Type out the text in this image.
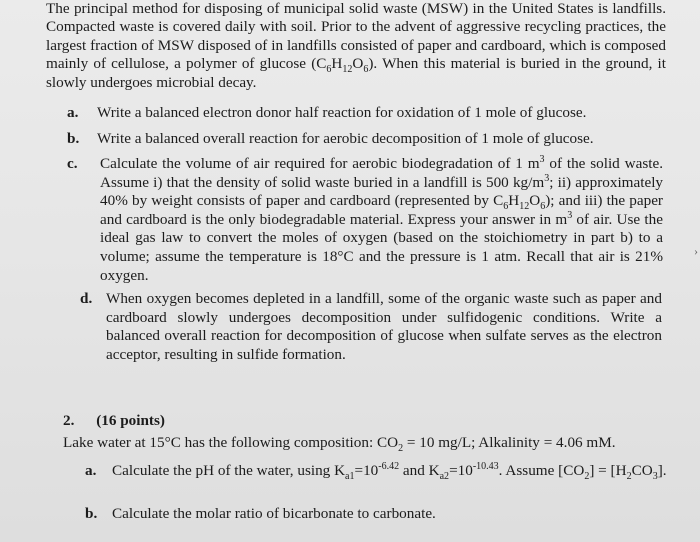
The principal method for disposing of municipal solid waste (MSW) in the United States is landfills. Compacted waste is covered daily with soil. Prior to the advent of aggressive recycling practices, the largest fraction of MSW disposed of in landfills consisted of paper and cardboard, which is composed mainly of cellulose, a polymer of glucose $(C_6H_{12}O_6)$. When this material is buried in the ground, it slowly undergoes microbial decay.

a. Write a balanced electron donor half reaction for oxidation of 1 mole of glucose.
b. Write a balanced overall reaction for aerobic decomposition of 1 mole of glucose.
c. Calculate the volume of air required for aerobic biodegradation of 1 $m^3$ of the solid waste. Assume i) that the density of solid waste buried in a landfill is 500 $kg/m^3$; ii) approximately 40% by weight consists of paper and cardboard (represented by $C_6H_{12}O_6$); and iii) the paper and cardboard is the only biodegradable material. Express your answer in $m^3$ of air. Use the ideal gas law to convert the moles of oxygen (based on the stoichiometry in part b) to a volume; assume the temperature is 18°C and the pressure is 1 atm. Recall that air is 21% oxygen.
d. When oxygen becomes depleted in a landfill, some of the organic waste such as paper and cardboard slowly undergoes decomposition under sulfidogenic conditions. Write a balanced overall reaction for decomposition of glucose when sulfate serves as the electron acceptor, resulting in sulfide formation.
2. (16 points)
Lake water at 15°C has the following composition: $CO_2 = 10$ mg/L; Alkalinity = 4.06 mM.
a. Calculate the pH of the water, using $K_{a1}=10^{-6.42}$ and $K_{a2}=10^{-10.43}$. Assume $[CO_2] = [H_2CO_3]$.
b. Calculate the molar ratio of bicarbonate to carbonate.
›
